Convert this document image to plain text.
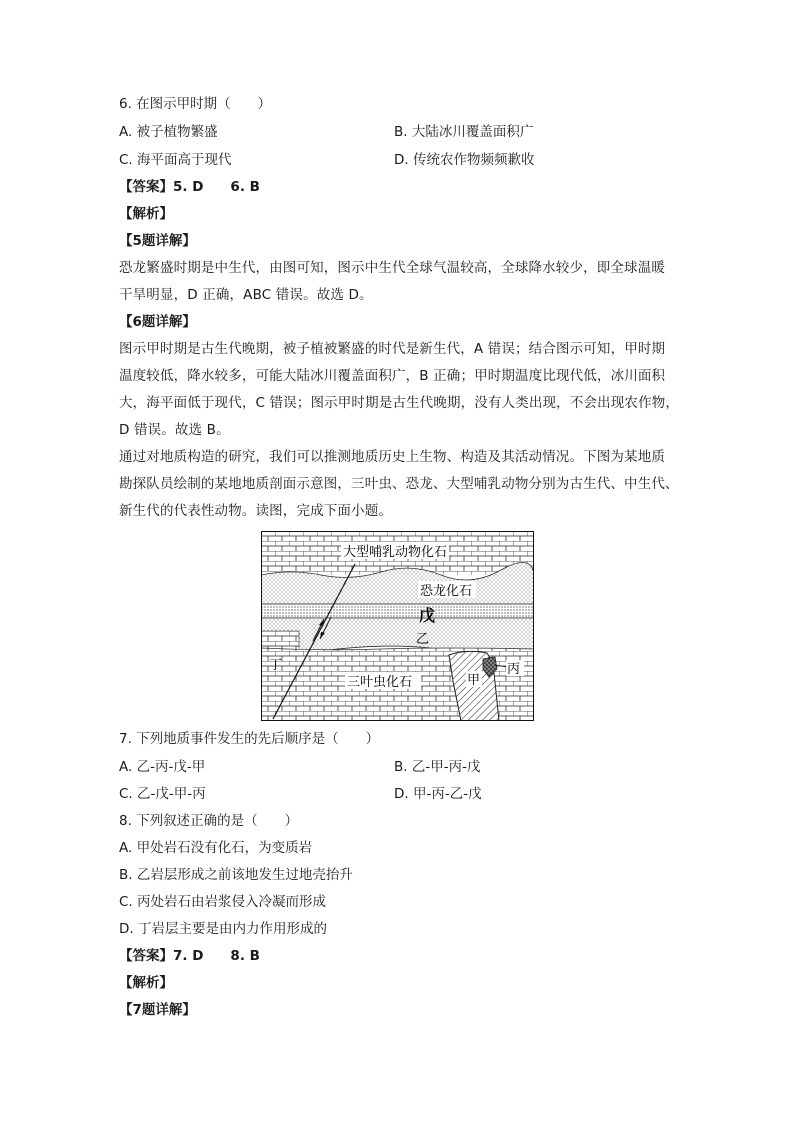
6. 在图示甲时期（　　）
A. 被子植物繁盛	B. 大陆冰川覆盖面积广
C. 海平面高于现代	D. 传统农作物频频歉收
【答案】5. D　　6. B
【解析】
【5题详解】
恐龙繁盛时期是中生代，由图可知，图示中生代全球气温较高，全球降水较少，即全球温暖
干旱明显，D 正确，ABC 错误。故选 D。
【6题详解】
图示甲时期是古生代晚期，被子植被繁盛的时代是新生代，A 错误；结合图示可知，甲时期
温度较低，降水较多，可能大陆冰川覆盖面积广，B 正确；甲时期温度比现代低，冰川面积
大，海平面低于现代，C 错误；图示甲时期是古生代晚期，没有人类出现，不会出现农作物，
D 错误。故选 B。
通过对地质构造的研究，我们可以推测地质历史上生物、构造及其活动情况。下图为某地质
勘探队员绘制的某地地质剖面示意图，三叶虫、恐龙、大型哺乳动物分别为古生代、中生代、
新生代的代表性动物。读图，完成下面小题。
大型哺乳动物化石
恐龙化石
戊
乙
丁
三叶虫化石	甲
丙
7. 下列地质事件发生的先后顺序是（　　）
A. 乙-丙-戊-甲	B. 乙-甲-丙-戊
C. 乙-戊-甲-丙	D. 甲-丙-乙-戊
8. 下列叙述正确的是（　　）
A. 甲处岩石没有化石，为变质岩
B. 乙岩层形成之前该地发生过地壳抬升
C. 丙处岩石由岩浆侵入冷凝而形成
D. 丁岩层主要是由内力作用形成的
【答案】7. D　　8. B
【解析】
【7题详解】
